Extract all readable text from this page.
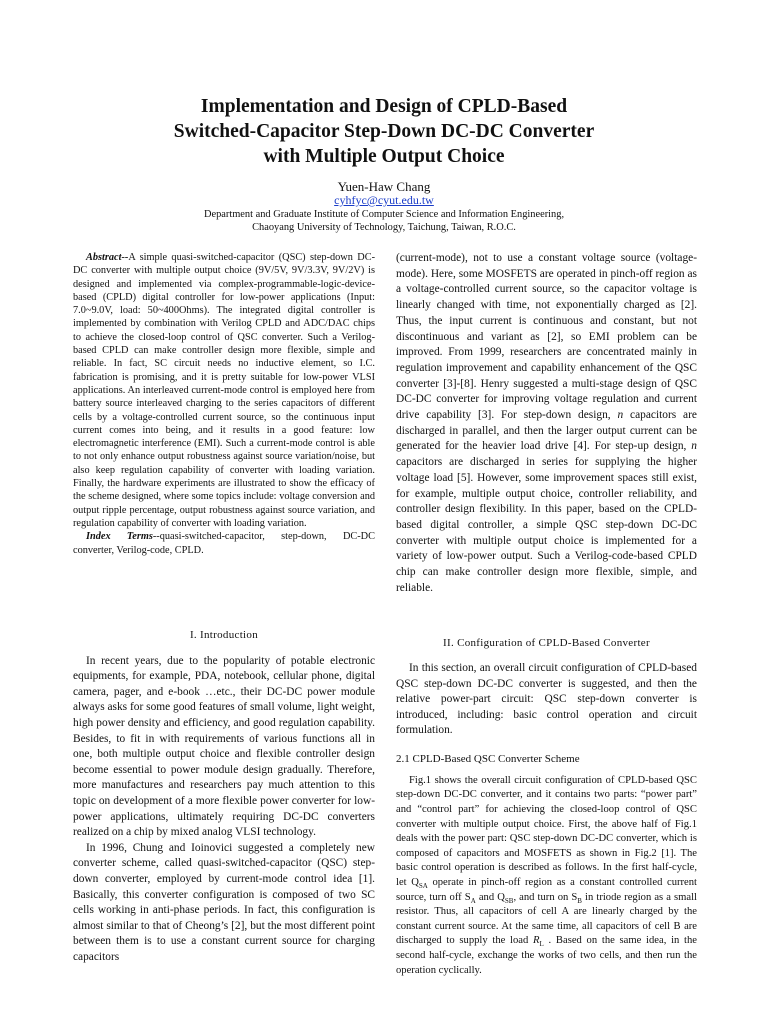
Implementation and Design of CPLD-Based
Switched-Capacitor Step-Down DC-DC Converter
with Multiple Output Choice
Yuen-Haw Chang
cyhfyc@cyut.edu.tw
Department and Graduate Institute of Computer Science and Information Engineering,
Chaoyang University of Technology, Taichung, Taiwan, R.O.C.

Abstract--A simple quasi-switched-capacitor (QSC) step-down DC-DC converter with multiple output choice (9V/5V, 9V/3.3V, 9V/2V) is designed and implemented via complex-programmable-logic-device-based (CPLD) digital controller for low-power applications (Input: 7.0~9.0V, load: 50~400Ohms). The integrated digital controller is implemented by combination with Verilog CPLD and ADC/DAC chips to achieve the closed-loop control of QSC converter. Such a Verilog-based CPLD can make controller design more flexible, simple and reliable. In fact, SC circuit needs no inductive element, so I.C. fabrication is promising, and it is pretty suitable for low-power VLSI applications. An interleaved current-mode control is employed here from battery source interleaved charging to the series capacitors of different cells by a voltage-controlled current source, so the continuous input current comes into being, and it results in a good feature: low electromagnetic interference (EMI). Such a current-mode control is able to not only enhance output robustness against source variation/noise, but also keep regulation capability of converter with loading variation. Finally, the hardware experiments are illustrated to show the efficacy of the scheme designed, where some topics include: voltage conversion and output ripple percentage, output robustness against source variation, and regulation capability of converter with loading variation.

Index Terms--quasi-switched-capacitor, step-down, DC-DC converter, Verilog-code, CPLD.

I. Introduction

In recent years, due to the popularity of potable electronic equipments, for example, PDA, notebook, cellular phone, digital camera, pager, and e-book …etc., their DC-DC power module always asks for some good features of small volume, light weight, high power density and efficiency, and good regulation capability. Besides, to fit in with requirements of various functions all in one, both multiple output choice and flexible controller design become essential to power module design gradually. Therefore, more manufactures and researchers pay much attention to this topic on development of a more flexible power converter for low-power applications, ultimately requiring DC-DC converters realized on a chip by mixed analog VLSI technology.

In 1996, Chung and Ioinovici suggested a completely new converter scheme, called quasi-switched-capacitor (QSC) step-down converter, employed by current-mode control idea [1]. Basically, this converter configuration is composed of two SC cells working in anti-phase periods. In fact, this configuration is almost similar to that of Cheong’s [2], but the most different point between them is to use a constant current source for charging capacitors

(current-mode), not to use a constant voltage source (voltage-mode). Here, some MOSFETS are operated in pinch-off region as a voltage-controlled current source, so the capacitor voltage is linearly changed with time, not exponentially charged as [2]. Thus, the input current is continuous and constant, but not discontinuous and variant as [2], so EMI problem can be improved. From 1999, researchers are concentrated mainly in regulation improvement and capability enhancement of the QSC converter [3]-[8]. Henry suggested a multi-stage design of QSC DC-DC converter for improving voltage regulation and current drive capability [3]. For step-down design, n capacitors are discharged in parallel, and then the larger output current can be generated for the heavier load drive [4]. For step-up design, n capacitors are discharged in series for supplying the higher voltage load [5]. However, some improvement spaces still exist, for example, multiple output choice, controller reliability, and controller design flexibility. In this paper, based on the CPLD-based digital controller, a simple QSC step-down DC-DC converter with multiple output choice is implemented for a variety of low-power output. Such a Verilog-code-based CPLD chip can make controller design more flexible, simple, and reliable.

II. Configuration of CPLD-Based Converter

In this section, an overall circuit configuration of CPLD-based QSC step-down DC-DC converter is suggested, and then the relative power-part circuit: QSC step-down converter is introduced, including: basic control operation and circuit formulation.

2.1 CPLD-Based QSC Converter Scheme

Fig.1 shows the overall circuit configuration of CPLD-based QSC step-down DC-DC converter, and it contains two parts: “power part” and “control part” for achieving the closed-loop control of QSC converter with multiple output choice. First, the above half of Fig.1 deals with the power part: QSC step-down DC-DC converter, which is composed of capacitors and MOSFETS as shown in Fig.2 [1]. The basic control operation is described as follows. In the first half-cycle, let $Q_{SA}$ operate in pinch-off region as a constant controlled current source, turn off $S_A$ and $Q_{SB}$, and turn on $S_B$ in triode region as a small resistor. Thus, all capacitors of cell A are linearly charged by the constant current source. At the same time, all capacitors of cell B are discharged to supply the load $R_L$ . Based on the same idea, in the second half-cycle, exchange the works of two cells, and then run the operation cyclically.
